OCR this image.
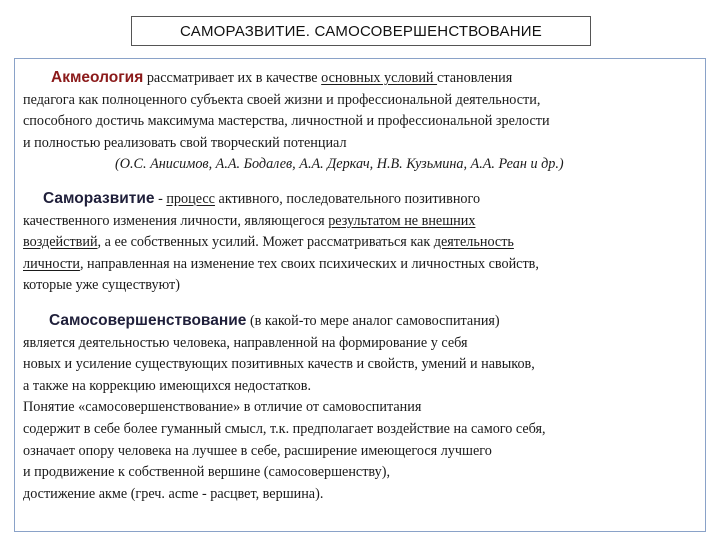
САМОРАЗВИТИЕ. САМОСОВЕРШЕНСТВОВАНИЕ
Акмеология рассматривает их в качестве основных условий становления
педагога как полноценного субъекта своей жизни и профессиональной деятельности,
способного достичь максимума мастерства, личностной и профессиональной зрелости
и полностью реализовать свой творческий потенциал
(О.С. Анисимов, А.А. Бодалев, А.А. Деркач, Н.В. Кузьмина, А.А. Реан и др.)
Саморазвитие - процесс активного, последовательного позитивного
качественного изменения личности, являющегося результатом не внешних
воздействий, а ее собственных усилий. Может рассматриваться как деятельность
личности, направленная на изменение тех своих психических и личностных свойств,
которые уже существуют)
Самосовершенствование (в какой-то мере аналог самовоспитания)
является деятельностью человека, направленной на формирование у себя
новых и усиление существующих позитивных качеств и свойств, умений и навыков,
а также на коррекцию имеющихся недостатков.
Понятие «самосовершенствование» в отличие от самовоспитания
содержит в себе более гуманный смысл, т.к. предполагает воздействие на самого себя,
означает опору человека на лучшее в себе, расширение имеющегося лучшего
и продвижение к собственной вершине (самосовершенству),
достижение акме (греч. acme - расцвет, вершина).
